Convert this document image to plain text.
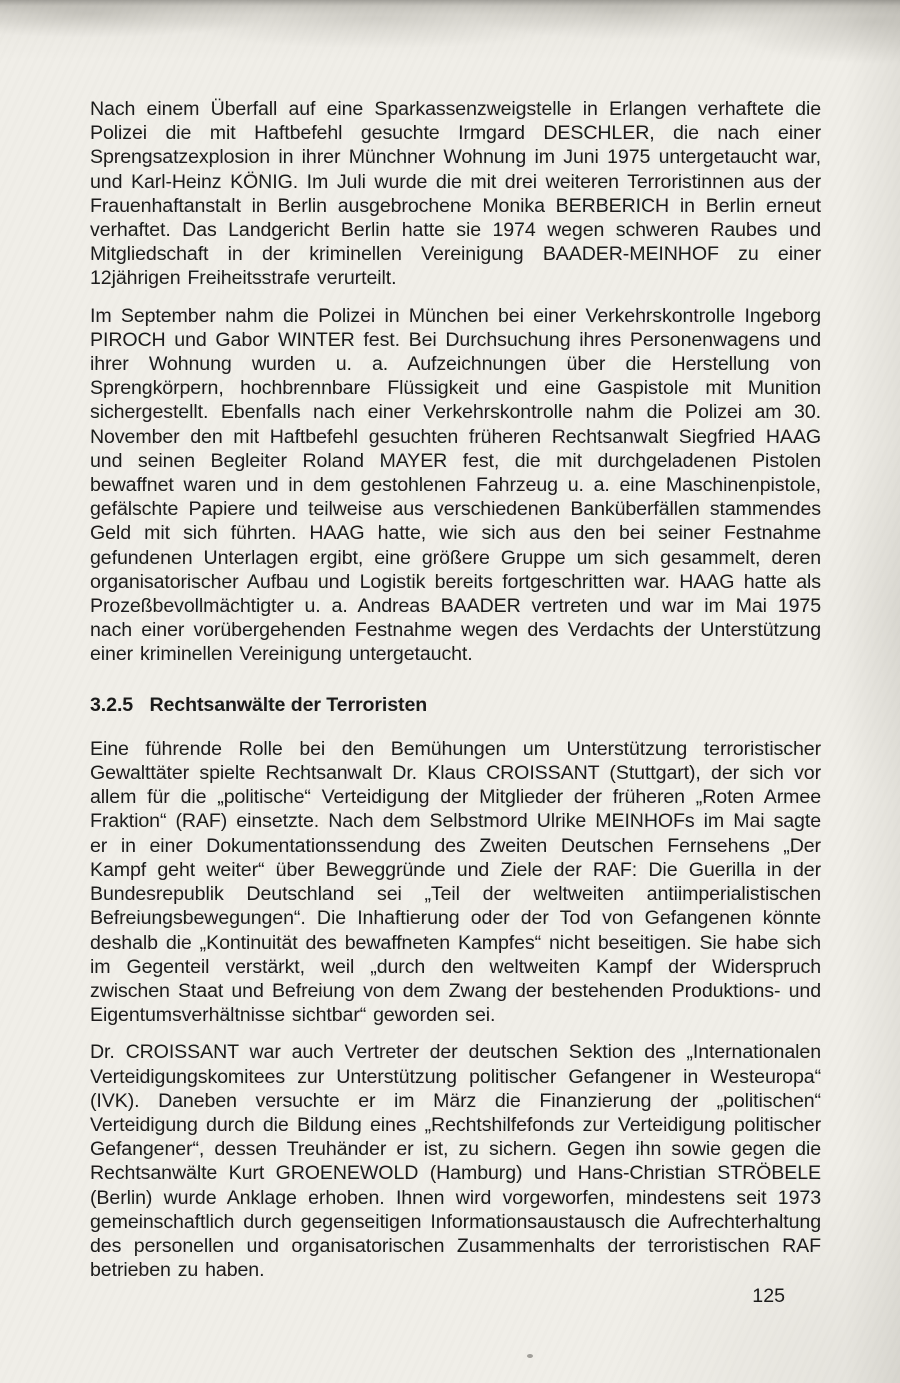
Nach einem Überfall auf eine Sparkassenzweigstelle in Erlangen verhaftete die Polizei die mit Haftbefehl gesuchte Irmgard DESCHLER, die nach einer Sprengsatzexplosion in ihrer Münchner Wohnung im Juni 1975 untergetaucht war, und Karl-Heinz KÖNIG. Im Juli wurde die mit drei weiteren Terroristinnen aus der Frauenhaftanstalt in Berlin ausgebrochene Monika BERBERICH in Berlin erneut verhaftet. Das Landgericht Berlin hatte sie 1974 wegen schweren Raubes und Mitgliedschaft in der kriminellen Vereinigung BAADER-MEINHOF zu einer 12jährigen Freiheitsstrafe verurteilt.

Im September nahm die Polizei in München bei einer Verkehrskontrolle Ingeborg PIROCH und Gabor WINTER fest. Bei Durchsuchung ihres Personenwagens und ihrer Wohnung wurden u. a. Aufzeichnungen über die Herstellung von Sprengkörpern, hochbrennbare Flüssigkeit und eine Gaspistole mit Munition sichergestellt. Ebenfalls nach einer Verkehrskontrolle nahm die Polizei am 30. November den mit Haftbefehl gesuchten früheren Rechtsanwalt Siegfried HAAG und seinen Begleiter Roland MAYER fest, die mit durchgeladenen Pistolen bewaffnet waren und in dem gestohlenen Fahrzeug u. a. eine Maschinenpistole, gefälschte Papiere und teilweise aus verschiedenen Banküberfällen stammendes Geld mit sich führten. HAAG hatte, wie sich aus den bei seiner Festnahme gefundenen Unterlagen ergibt, eine größere Gruppe um sich gesammelt, deren organisatorischer Aufbau und Logistik bereits fortgeschritten war. HAAG hatte als Prozeßbevollmächtigter u. a. Andreas BAADER vertreten und war im Mai 1975 nach einer vorübergehenden Festnahme wegen des Verdachts der Unterstützung einer kriminellen Vereinigung untergetaucht.

3.2.5 Rechtsanwälte der Terroristen

Eine führende Rolle bei den Bemühungen um Unterstützung terroristischer Gewalttäter spielte Rechtsanwalt Dr. Klaus CROISSANT (Stuttgart), der sich vor allem für die „politische“ Verteidigung der Mitglieder der früheren „Roten Armee Fraktion“ (RAF) einsetzte. Nach dem Selbstmord Ulrike MEINHOFs im Mai sagte er in einer Dokumentationssendung des Zweiten Deutschen Fernsehens „Der Kampf geht weiter“ über Beweggründe und Ziele der RAF: Die Guerilla in der Bundesrepublik Deutschland sei „Teil der weltweiten antiimperialistischen Befreiungsbewegungen“. Die Inhaftierung oder der Tod von Gefangenen könnte deshalb die „Kontinuität des bewaffneten Kampfes“ nicht beseitigen. Sie habe sich im Gegenteil verstärkt, weil „durch den weltweiten Kampf der Widerspruch zwischen Staat und Befreiung von dem Zwang der bestehenden Produktions- und Eigentumsverhältnisse sichtbar“ geworden sei.

Dr. CROISSANT war auch Vertreter der deutschen Sektion des „Internationalen Verteidigungskomitees zur Unterstützung politischer Gefangener in Westeuropa“ (IVK). Daneben versuchte er im März die Finanzierung der „politischen“ Verteidigung durch die Bildung eines „Rechtshilfefonds zur Verteidigung politischer Gefangener“, dessen Treuhänder er ist, zu sichern. Gegen ihn sowie gegen die Rechtsanwälte Kurt GROENEWOLD (Hamburg) und Hans-Christian STRÖBELE (Berlin) wurde Anklage erhoben. Ihnen wird vorgeworfen, mindestens seit 1973 gemeinschaftlich durch gegenseitigen Informationsaustausch die Aufrechterhaltung des personellen und organisatorischen Zusammenhalts der terroristischen RAF betrieben zu haben.

125
